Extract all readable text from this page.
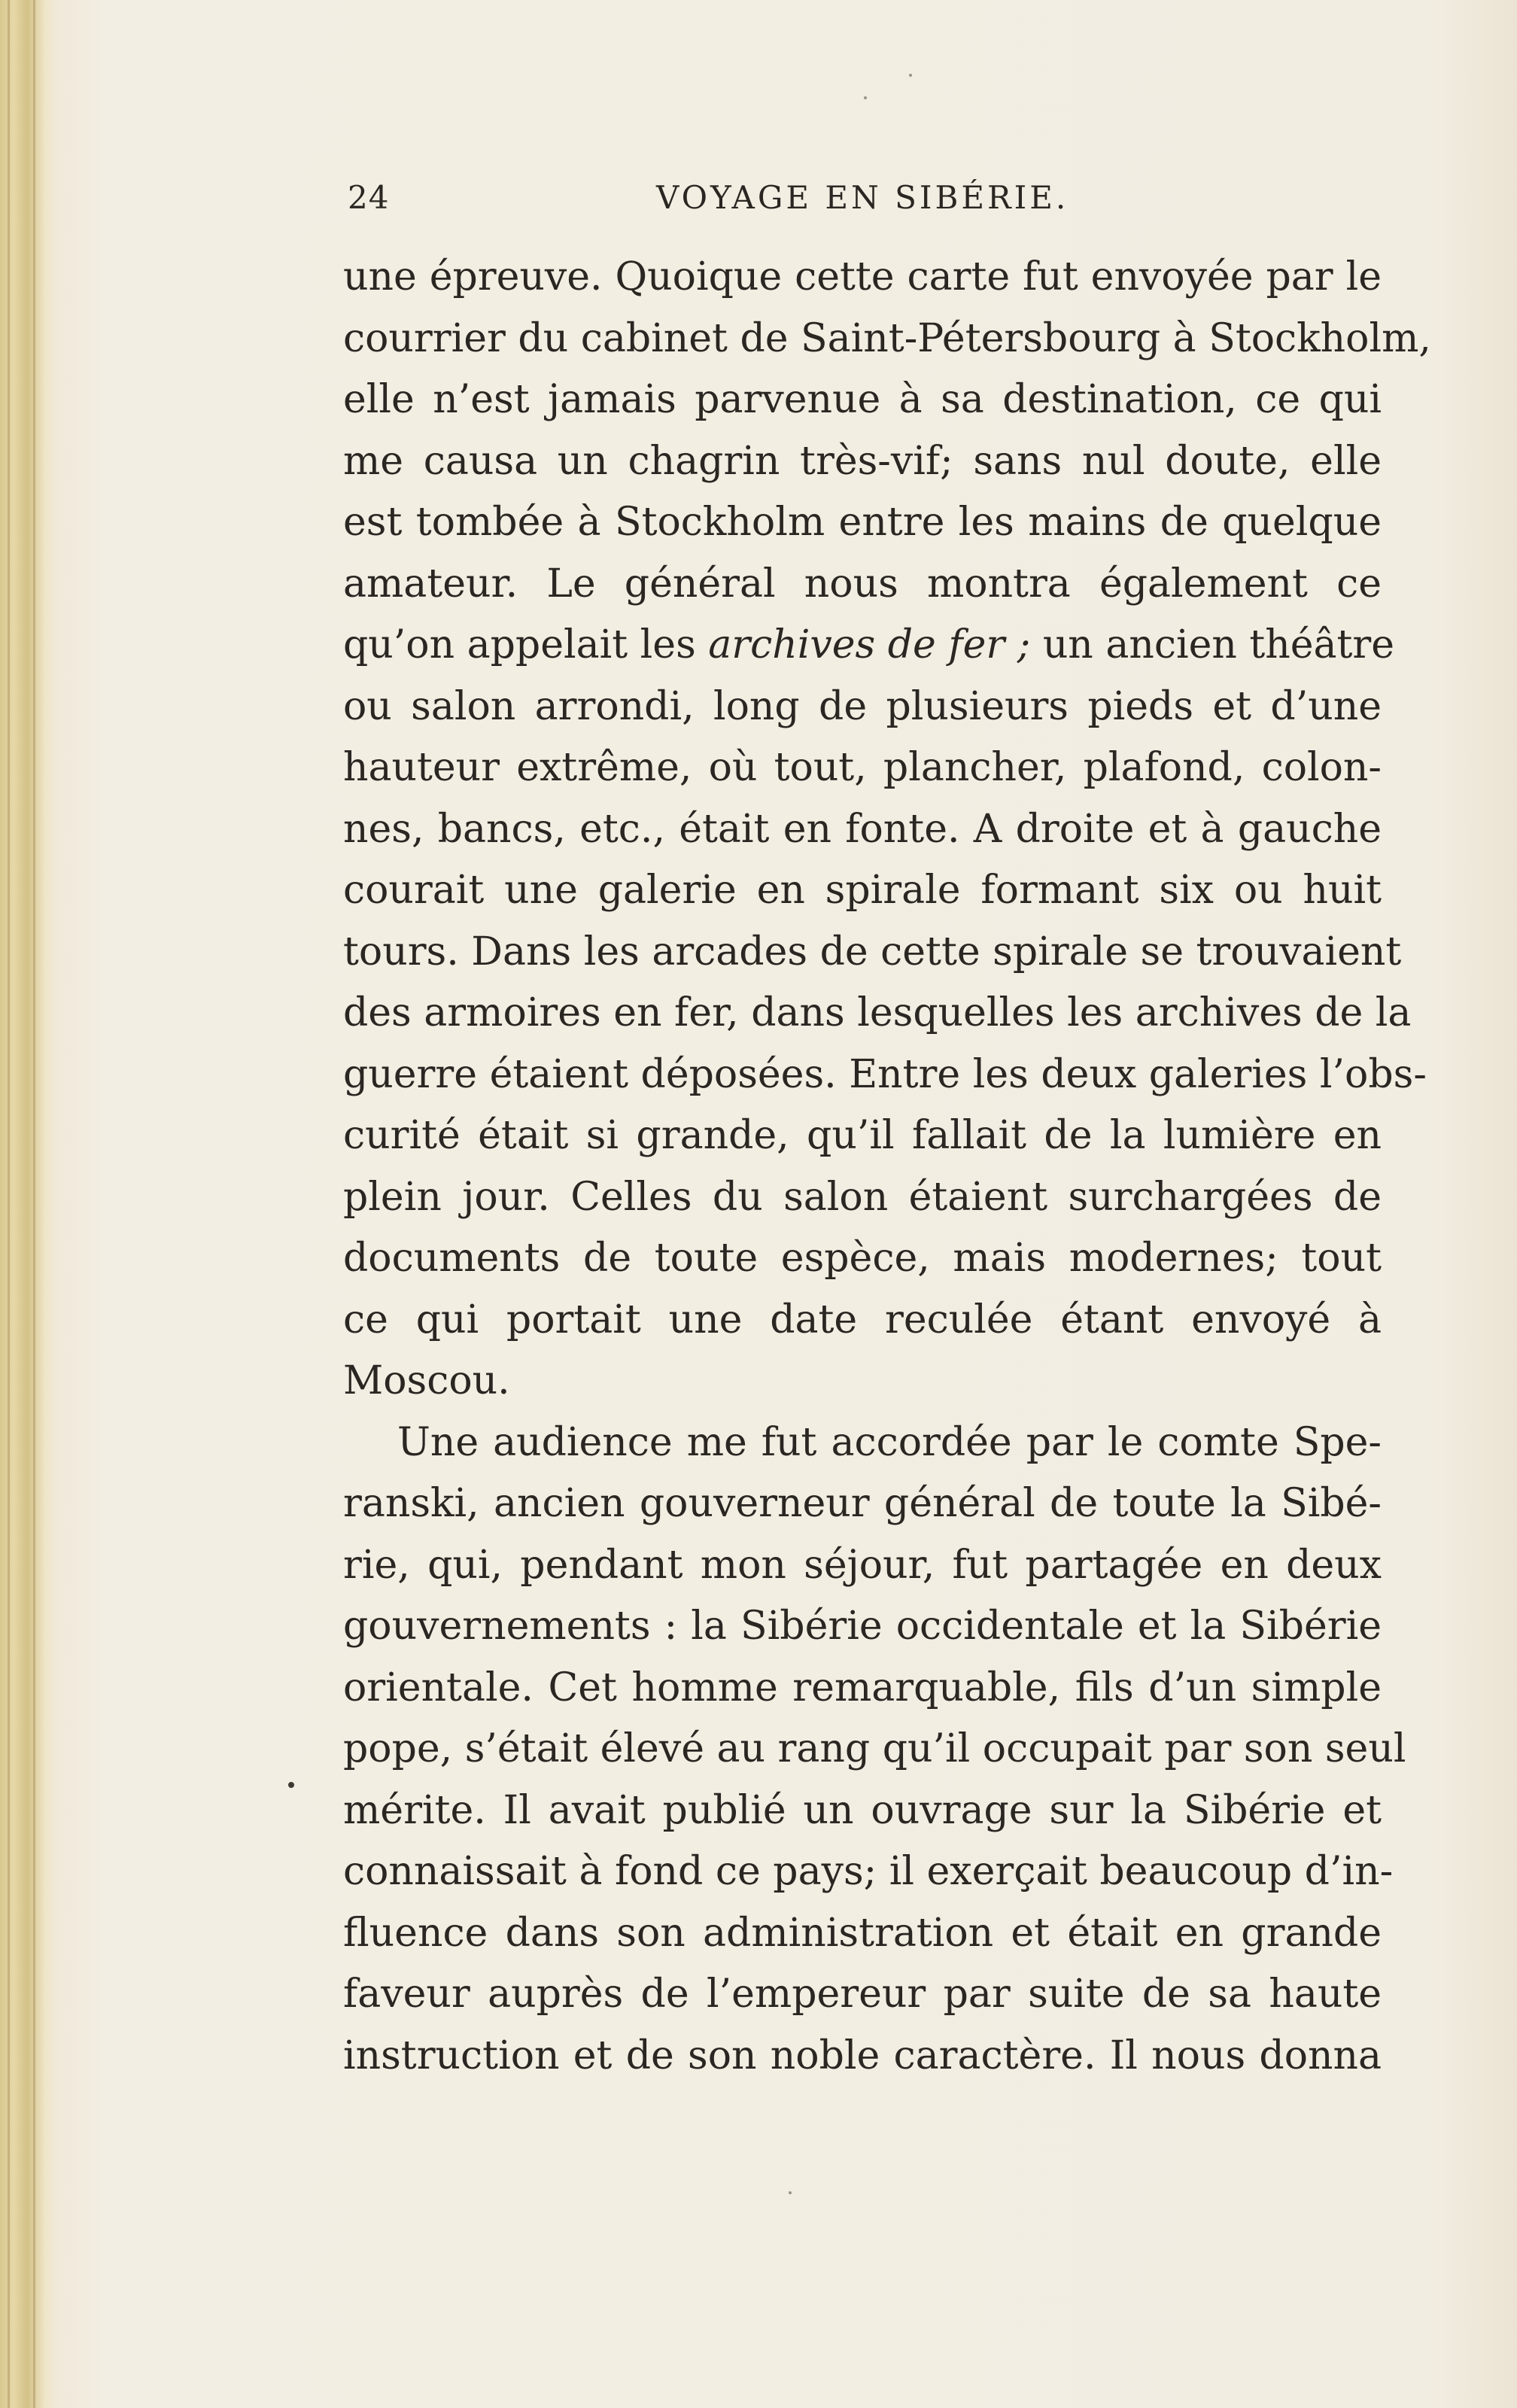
24	VOYAGE EN SIBÉRIE.
une épreuve. Quoique cette carte fut envoyée par le
courrier du cabinet de Saint-Pétersbourg à Stockholm,
elle n’est jamais parvenue à sa destination, ce qui
me causa un chagrin très-vif; sans nul doute, elle
est tombée à Stockholm entre les mains de quelque
amateur. Le général nous montra également ce
qu’on appelait les archives de fer ; un ancien théâtre
ou salon arrondi, long de plusieurs pieds et d’une
hauteur extrême, où tout, plancher, plafond, colon-
nes, bancs, etc., était en fonte. A droite et à gauche
courait une galerie en spirale formant six ou huit
tours. Dans les arcades de cette spirale se trouvaient
des armoires en fer, dans lesquelles les archives de la
guerre étaient déposées. Entre les deux galeries l’obs-
curité était si grande, qu’il fallait de la lumière en
plein jour. Celles du salon étaient surchargées de
documents de toute espèce, mais modernes; tout
ce qui portait une date reculée étant envoyé à
Moscou.
Une audience me fut accordée par le comte Spe-
ranski, ancien gouverneur général de toute la Sibé-
rie, qui, pendant mon séjour, fut partagée en deux
gouvernements : la Sibérie occidentale et la Sibérie
orientale. Cet homme remarquable, fils d’un simple
pope, s’était élevé au rang qu’il occupait par son seul
mérite. Il avait publié un ouvrage sur la Sibérie et
connaissait à fond ce pays; il exerçait beaucoup d’in-
fluence dans son administration et était en grande
faveur auprès de l’empereur par suite de sa haute
instruction et de son noble caractère. Il nous donna
